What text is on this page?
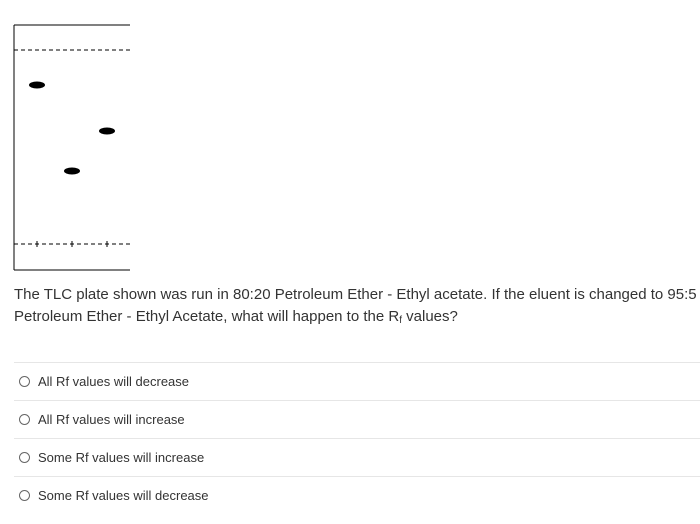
The TLC plate shown was run in 80:20 Petroleum Ether - Ethyl acetate. If the eluent is changed to 95:5 Petroleum Ether - Ethyl Acetate, what will happen to the $R_f$ values?

All Rf values will decrease
All Rf values will increase
Some Rf values will increase
Some Rf values will decrease
